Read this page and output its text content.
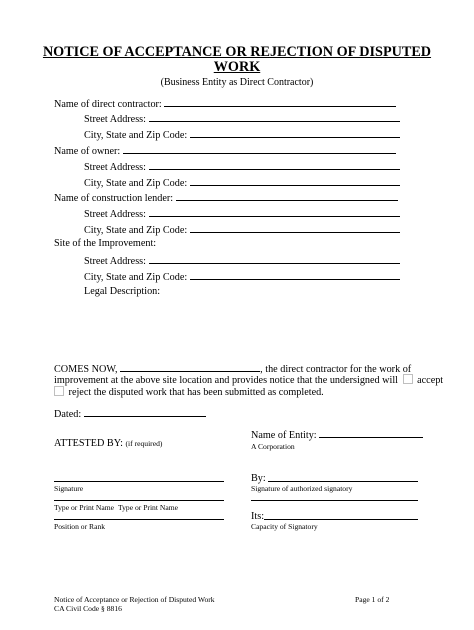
NOTICE OF ACCEPTANCE OR REJECTION OF DISPUTED WORK
(Business Entity as Direct Contractor)
Name of direct contractor:
Street Address:
City, State and Zip Code:
Name of owner:
Street Address:
City, State and Zip Code:
Name of construction lender:
Street Address:
City, State and Zip Code:
Site of the Improvement:
Street Address:
City, State and Zip Code:
Legal Description:
COMES NOW,	, the direct contractor for the work of
improvement at the above site location and provides notice that the undersigned will accept
reject the disputed work that has been submitted as completed.
Dated:
Name of Entity:
A Corporation
ATTESTED BY: (if required)
Signature
By:
Signature of authorized signatory
Type or Print Name Type or Print Name
Position or Rank
Its:
Capacity of Signatory
Notice of Acceptance or Rejection of Disputed Work
CA Civil Code § 8816
Page 1 of 2
